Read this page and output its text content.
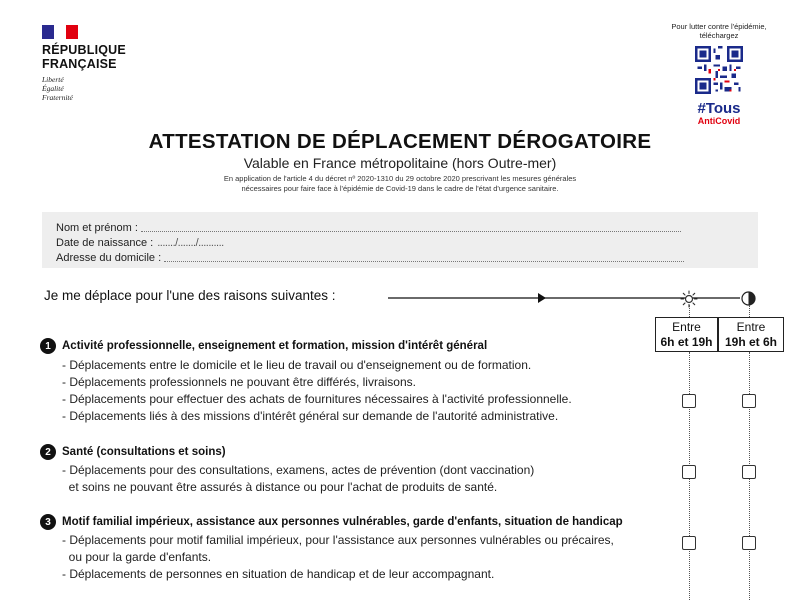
RÉPUBLIQUE
FRANÇAISE
Liberté
Égalité
Fraternité
Pour lutter contre l'épidémie, téléchargez
#Tous
AntiCovid
ATTESTATION DE DÉPLACEMENT DÉROGATOIRE
Valable en France métropolitaine (hors Outre-mer)
En application de l'article 4 du décret nº 2020-1310 du 29 octobre 2020 prescrivant les mesures générales
nécessaires pour faire face à l'épidémie de Covid-19 dans le cadre de l'état d'urgence sanitaire.
Nom et prénom :
Date de naissance : ......./......./..........
Adresse du domicile :
Je me déplace pour l'une des raisons suivantes :
Entre
6h et 19h
Entre
19h et 6h
1 Activité professionnelle, enseignement et formation, mission d'intérêt général
- Déplacements entre le domicile et le lieu de travail ou d'enseignement ou de formation.
- Déplacements professionnels ne pouvant être différés, livraisons.
- Déplacements pour effectuer des achats de fournitures nécessaires à l'activité professionnelle.
- Déplacements liés à des missions d'intérêt général sur demande de l'autorité administrative.
2 Santé (consultations et soins)
- Déplacements pour des consultations, examens, actes de prévention (dont vaccination)
et soins ne pouvant être assurés à distance ou pour l'achat de produits de santé.
3 Motif familial impérieux, assistance aux personnes vulnérables, garde d'enfants, situation de handicap
- Déplacements pour motif familial impérieux, pour l'assistance aux personnes vulnérables ou précaires,
ou pour la garde d'enfants.
- Déplacements de personnes en situation de handicap et de leur accompagnant.
